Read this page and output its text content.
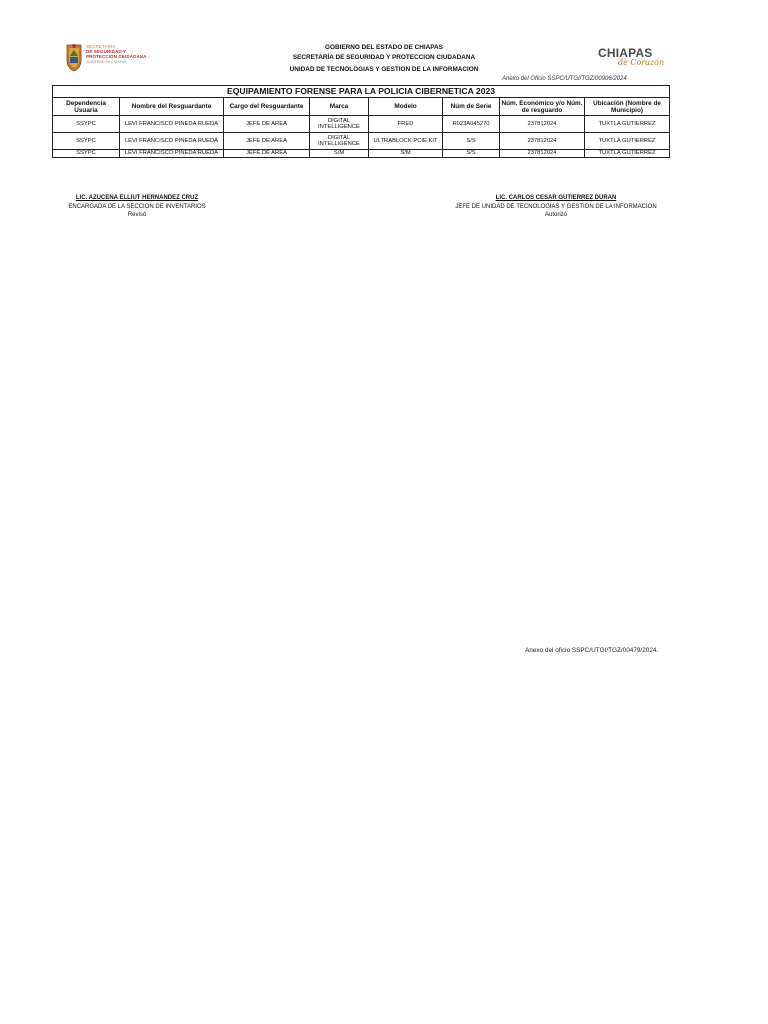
SECRETARÍA
DE SEGURIDAD Y
PROTECCIÓN CIUDADANA
GOBIERNO DE CHIAPAS
GOBIERNO DEL ESTADO DE CHIAPAS
SECRETARÍA DE SEGURIDAD Y PROTECCION CIUDADANA
UNIDAD DE TECNOLOGIAS Y GESTION DE LA INFORMACION
CHIAPAS
de Corazón
Anexo del Oficio SSPC/UTGI/TGZ/00906/2024
EQUIPAMIENTO FORENSE PARA LA POLICIA CIBERNETICA 2023							
Dependencia Usuaria	Nombre del Resguardante	Cargo del Resguardante	Marca	Modelo	Núm de Serie	Núm. Económico y/o Núm. de resguardo	Ubicación (Nombre de Municipio)
SSYPC	LEVI FRANCISCO PINEDA RUEDA	JEFE DE AREA	DIGITAL INTELLIGENCE	FRED	R023A045270	237812024	TUXTLA GUTIERREZ
SSYPC	LEVI FRANCISCO PINEDA RUEDA	JEFE DE AREA	DIGITAL INTELLIGENCE	ULTRABLOCK PCIE KIT	S/S	237812024	TUXTLA GUTIERREZ
SSYPC	LEVI FRANCISCO PINEDA RUEDA	JEFE DE AREA	S/M	S/M	S/S	237812024	TUXTLA GUTIERREZ
LIC. AZUCENA ELLIUT HERNANDEZ CRUZ
ENCARGADA DE LA SECCION DE INVENTARIOS
Revisó
LIC. CARLOS CESAR GUTIERREZ DURAN
JEFE DE UNIDAD DE TECNOLOGIAS Y GESTION DE LA INFORMACION
Autorizó
Anexo del oficio SSPC/UTGI/TGZ/00479/2024.
